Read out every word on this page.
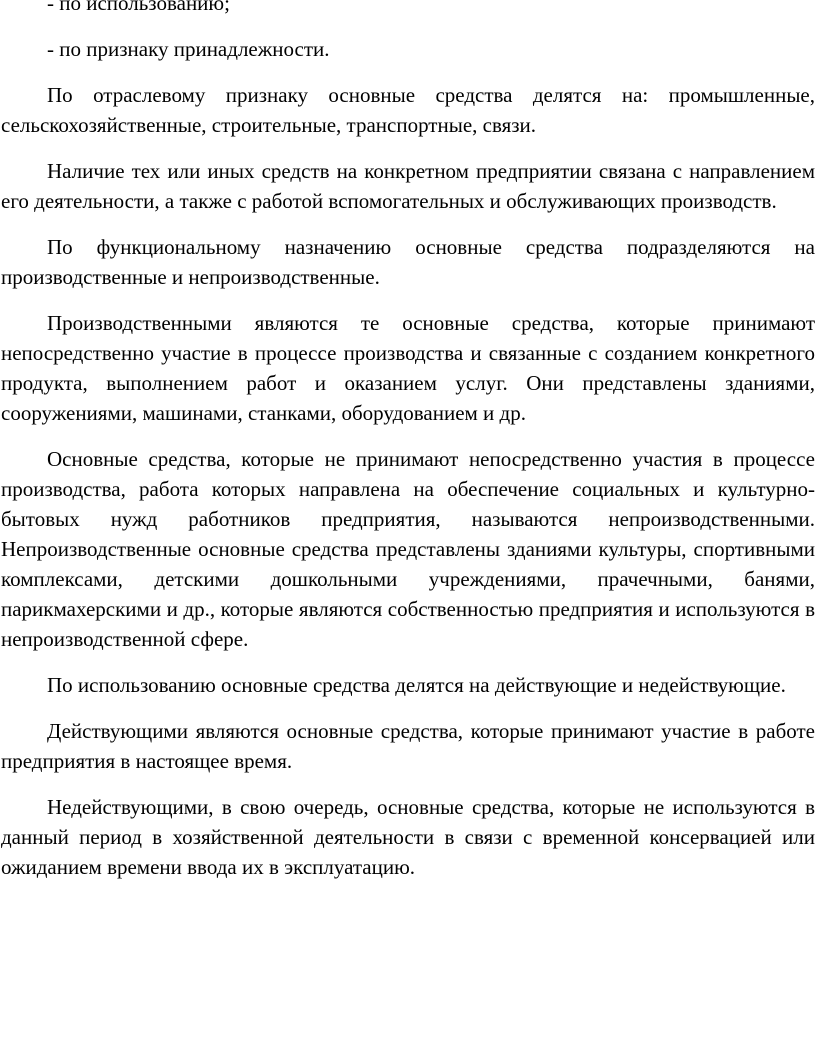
- по использованию;

- по признаку принадлежности.

По отраслевому признаку основные средства делятся на: промышленные, сельскохозяйственные, строительные, транспортные, связи.

Наличие тех или иных средств на конкретном предприятии связана с направлением его деятельности, а также с работой вспомогательных и обслуживающих производств.

По функциональному назначению основные средства подразделяются на производственные и непроизводственные.

Производственными являются те основные средства, которые принимают непосредственно участие в процессе производства и связанные с созданием конкретного продукта, выполнением работ и оказанием услуг. Они представлены зданиями, сооружениями, машинами, станками, оборудованием и др.

Основные средства, которые не принимают непосредственно участия в процессе производства, работа которых направлена на обеспечение социальных и культурно-бытовых нужд работников предприятия, называются непроизводственными. Непроизводственные основные средства представлены зданиями культуры, спортивными комплексами, детскими дошкольными учреждениями, прачечными, банями, парикмахерскими и др., которые являются собственностью предприятия и используются в непроизводственной сфере.

По использованию основные средства делятся на действующие и недействующие.

Действующими являются основные средства, которые принимают участие в работе предприятия в настоящее время.

Недействующими, в свою очередь, основные средства, которые не используются в данный период в хозяйственной деятельности в связи с временной консервацией или ожиданием времени ввода их в эксплуатацию.
